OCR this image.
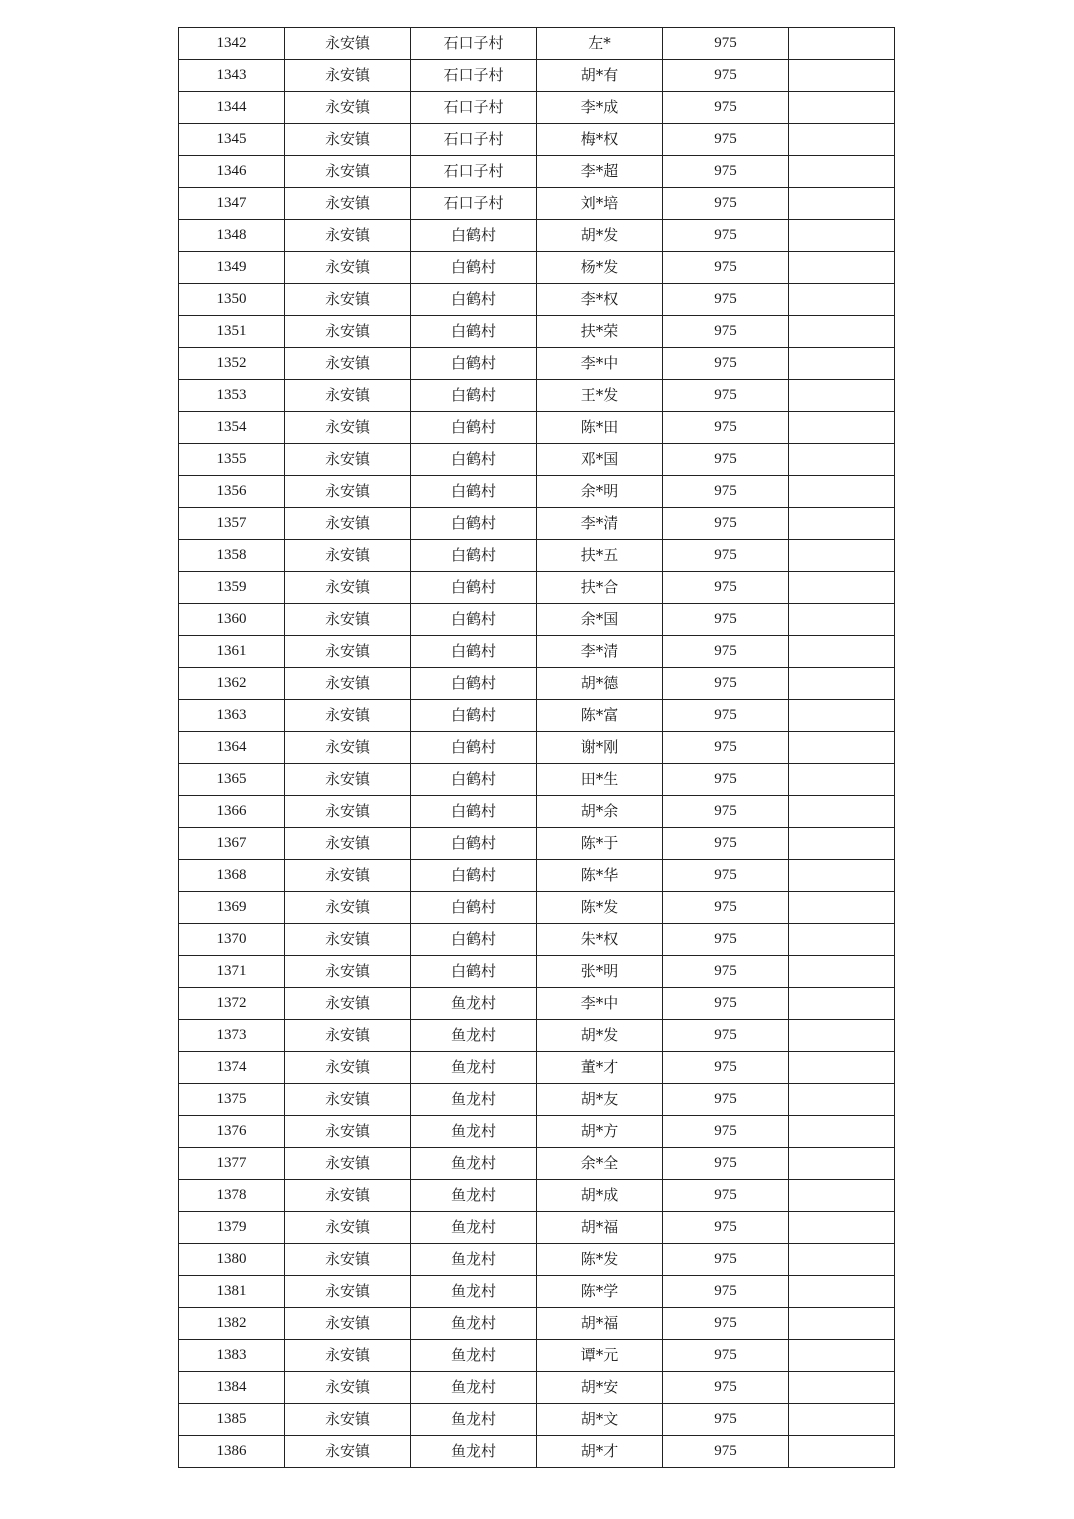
1342	永安镇	石口子村	左*	975	
1343	永安镇	石口子村	胡*有	975	
1344	永安镇	石口子村	李*成	975	
1345	永安镇	石口子村	梅*权	975	
1346	永安镇	石口子村	李*超	975	
1347	永安镇	石口子村	刘*培	975	
1348	永安镇	白鹤村	胡*发	975	
1349	永安镇	白鹤村	杨*发	975	
1350	永安镇	白鹤村	李*权	975	
1351	永安镇	白鹤村	扶*荣	975	
1352	永安镇	白鹤村	李*中	975	
1353	永安镇	白鹤村	王*发	975	
1354	永安镇	白鹤村	陈*田	975	
1355	永安镇	白鹤村	邓*国	975	
1356	永安镇	白鹤村	余*明	975	
1357	永安镇	白鹤村	李*清	975	
1358	永安镇	白鹤村	扶*五	975	
1359	永安镇	白鹤村	扶*合	975	
1360	永安镇	白鹤村	余*国	975	
1361	永安镇	白鹤村	李*清	975	
1362	永安镇	白鹤村	胡*德	975	
1363	永安镇	白鹤村	陈*富	975	
1364	永安镇	白鹤村	谢*刚	975	
1365	永安镇	白鹤村	田*生	975	
1366	永安镇	白鹤村	胡*余	975	
1367	永安镇	白鹤村	陈*于	975	
1368	永安镇	白鹤村	陈*华	975	
1369	永安镇	白鹤村	陈*发	975	
1370	永安镇	白鹤村	朱*权	975	
1371	永安镇	白鹤村	张*明	975	
1372	永安镇	鱼龙村	李*中	975	
1373	永安镇	鱼龙村	胡*发	975	
1374	永安镇	鱼龙村	董*才	975	
1375	永安镇	鱼龙村	胡*友	975	
1376	永安镇	鱼龙村	胡*方	975	
1377	永安镇	鱼龙村	余*全	975	
1378	永安镇	鱼龙村	胡*成	975	
1379	永安镇	鱼龙村	胡*福	975	
1380	永安镇	鱼龙村	陈*发	975	
1381	永安镇	鱼龙村	陈*学	975	
1382	永安镇	鱼龙村	胡*福	975	
1383	永安镇	鱼龙村	谭*元	975	
1384	永安镇	鱼龙村	胡*安	975	
1385	永安镇	鱼龙村	胡*文	975	
1386	永安镇	鱼龙村	胡*才	975	
